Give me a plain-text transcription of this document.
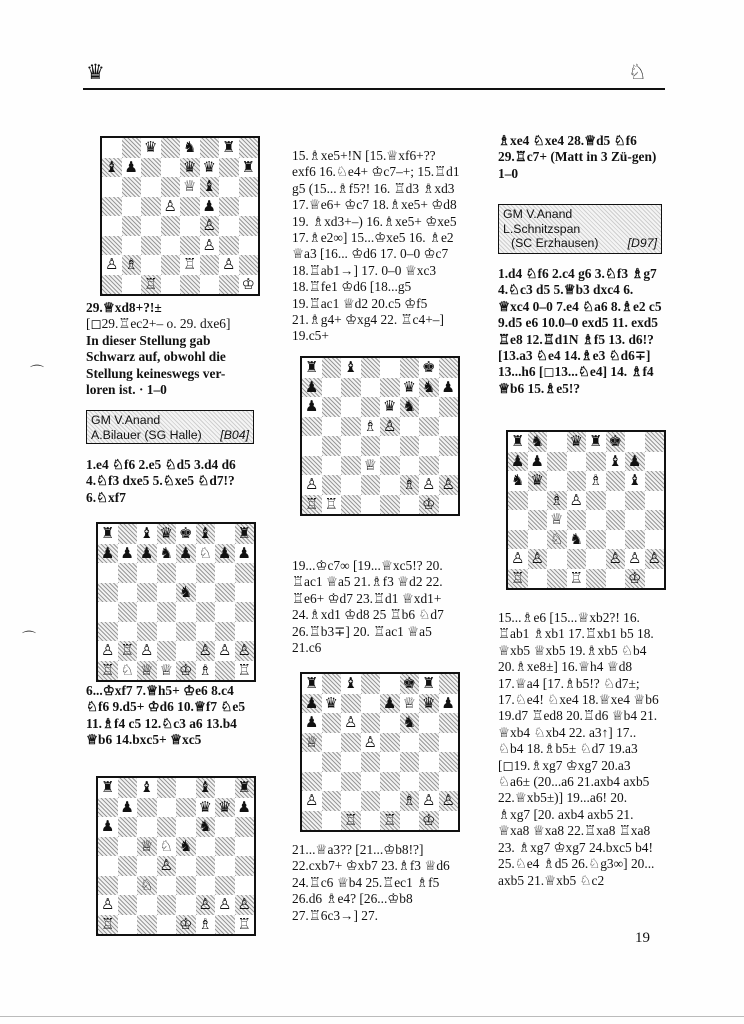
♛	♘
♛ ♞ ♜
♝ ♟	♛ ♛ ♜
♕ ♝
♙ ♟
♙
♙
♙ ♗	♖ ♙
♖	♔

29.♕xd8+?!±

[◻29.♖ec2+– o. 29. dxe6]

In dieser Stellung gab Schwarz auf, obwohl die Stellung keineswegs ver-loren ist. · 1–0

GM V.Anand
A.Bilauer (SG Halle) [B04]
1.e4 ♘f6 2.e5 ♘d5 3.d4 d6 4.♘f3 dxe5 5.♘xe5 ♘d7!? 6.♘xf7
♜ ♝ ♛ ♚ ♝ ♜
♟ ♟ ♟ ♞ ♟ ♘ ♟ ♟
♞
♙ ♖ ♙	♙ ♙ ♙
♖ ♘ ♕ ♕ ♔ ♗ ♖
6...♔xf7 7.♕h5+ ♔e6 8.c4 ♘f6 9.d5+ ♔d6 10.♕f7 ♘e5 11.♗f4 c5 12.♘c3 a6 13.b4 ♕b6 14.bxc5+ ♕xc5
♜ ♝	♝ ♜
♟	♛ ♛ ♟
♟	♞
♕ ♘ ♞
♙
♘
♙	♙ ♙ ♙
♖	♔ ♗ ♖
15.♗xe5+!N [15.♕xf6+?? exf6 16.♘e4+ ♔c7–+; 15.♖d1 g5 (15...♗f5?! 16. ♖d3 ♗xd3 17.♕e6+ ♔c7 18.♗xe5+ ♔d8 19. ♗xd3+–) 16.♗xe5+ ♔xe5 17.♗e2∞] 15...♔xe5 16. ♗e2 ♕a3 [16... ♔d6 17. 0–0 ♔c7 18.♖ab1→] 17. 0–0 ♕xc3 18.♖fe1 ♔d6 [18...g5 19.♖ac1 ♕d2 20.c5 ♔f5 21.♗g4+ ♔xg4 22. ♖c4+–] 19.c5+
♜ ♝	♚
♟	♛ ♞ ♟
♟	♛ ♞
♗ ♙
♕
♙	♗ ♙ ♙
♖ ♖	♔
19...♔c7∞ [19...♕xc5!? 20. ♖ac1 ♕a5 21.♗f3 ♕d2 22. ♖e6+ ♔d7 23.♖d1 ♕xd1+ 24.♗xd1 ♔d8 25 ♖b6 ♘d7 26.♖b3∓] 20. ♖ac1 ♕a5 21.c6
♜ ♝	♚ ♜
♟ ♛	♟ ♕ ♛ ♟
♟ ♙	♞
♕	♙
♙	♗ ♙ ♙
♖ ♖ ♔
21...♕a3?? [21...♔b8!?] 22.cxb7+ ♔xb7 23.♗f3 ♕d6 24.♖c6 ♕b4 25.♖ec1 ♗f5 26.d6 ♗e4? [26...♔b8 27.♖6c3→] 27.
♗xe4 ♘xe4 28.♕d5 ♘f6 29.♖c7+ (Matt in 3 Zü-gen) 1–0
GM V.Anand
L.Schnitzspan
(SC Erzhausen) [D97]
1.d4 ♘f6 2.c4 g6 3.♘f3 ♗g7 4.♘c3 d5 5.♕b3 dxc4 6. ♕xc4 0–0 7.e4 ♘a6 8.♗e2 c5 9.d5 e6 10.0–0 exd5 11. exd5 ♖e8 12.♖d1N ♗f5 13. d6!? [13.a3 ♘e4 14.♗e3 ♘d6∓] 13...h6 [◻13...♘e4] 14. ♗f4 ♕b6 15.♗e5!?
♜ ♞ ♛ ♜ ♚
♟ ♟	♝ ♟
♞ ♛	♗ ♝
♗ ♙
♕
♘ ♞
♙ ♙	♙ ♙ ♙
♖	♖	♔
15...♗e6 [15...♕xb2?! 16. ♖ab1 ♗xb1 17.♖xb1 b5 18. ♕xb5 ♕xb5 19.♗xb5 ♘b4 20.♗xe8±] 16.♕h4 ♕d8 17.♕a4 [17.♗b5!? ♘d7±; 17.♘e4! ♘xe4 18.♕xe4 ♕b6 19.d7 ♖ed8 20.♖d6 ♕b4 21. ♕xb4 ♘xb4 22. a3↑] 17.. ♘b4 18.♗b5± ♘d7 19.a3 [◻19.♗xg7 ♔xg7 20.a3 ♘a6± (20...a6 21.axb4 axb5 22.♕xb5±)] 19...a6! 20. ♗xg7 [20. axb4 axb5 21. ♕xa8 ♕xa8 22.♖xa8 ♖xa8 23. ♗xg7 ♔xg7 24.bxc5 b4! 25.♘e4 ♗d5 26.♘g3∞] 20... axb5 21.♕xb5 ♘c2
19
⌒
⌒
